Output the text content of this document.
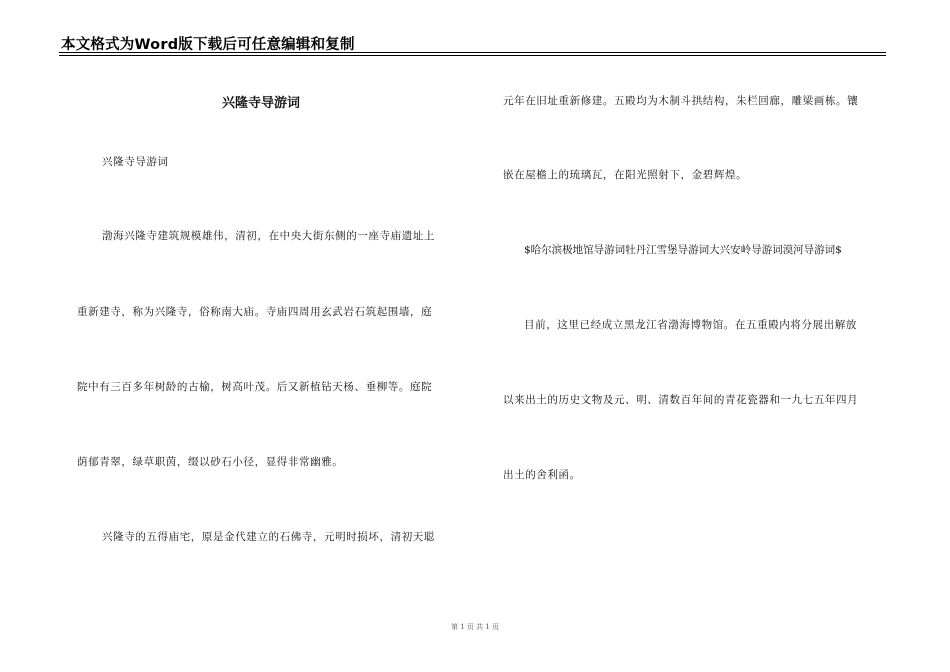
本文格式为Word版下载后可任意编辑和复制
兴隆寺导游词
兴隆寺导游词
渤海兴隆寺建筑规模雄伟，清初，在中央大街东侧的一座寺庙遗址上
重新建寺，称为兴隆寺，俗称南大庙。寺庙四周用玄武岩石筑起围墙，庭
院中有三百多年树龄的古榆，树高叶茂。后又新植钻天杨、垂柳等。庭院
荫郁青翠，绿草职茵，缀以砂石小径，显得非常幽雅。
兴隆寺的五得庙宅，原是金代建立的石佛寺，元明时损坏，清初天聪
元年在旧址重新修建。五殿均为木制斗拱结构，朱栏回廊，雕梁画栋。镶
嵌在屋檐上的琉璃瓦，在阳光照射下，金碧辉煌。
$哈尔滨极地馆导游词牡丹江雪堡导游词大兴安岭导游词漠河导游词$
目前，这里已经成立黑龙江省渤海博物馆。在五重殿内将分展出解放
以来出土的历史文物及元、明、清数百年间的青花瓷器和一九七五年四月
出土的舍利函。
第 1 页 共 1 页
